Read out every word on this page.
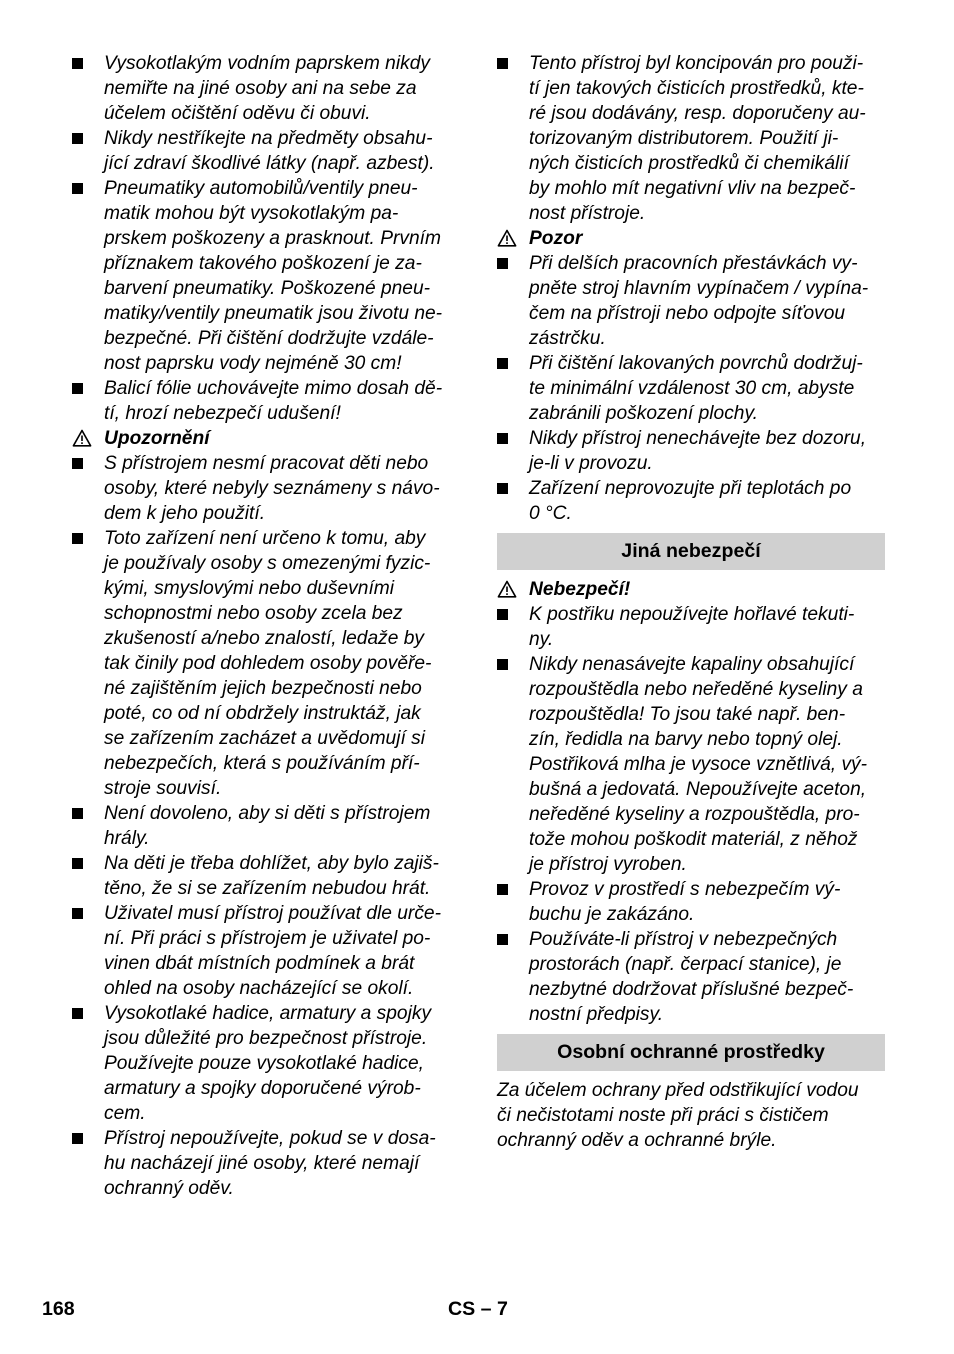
Vysokotlakým vodním paprskem nikdy
nemiřte na jiné osoby ani na sebe za
účelem očištění oděvu či obuvi.
Nikdy nestříkejte na předměty obsahu-
jící zdraví škodlivé látky (např. azbest).
Pneumatiky automobilů/ventily pneu-
matik mohou být vysokotlakým pa-
prskem poškozeny a prasknout. Prvním
příznakem takového poškození je za-
barvení pneumatiky. Poškozené pneu-
matiky/ventily pneumatik jsou životu ne-
bezpečné. Při čištění dodržujte vzdále-
nost paprsku vody nejméně 30 cm!
Balicí fólie uchovávejte mimo dosah dě-
tí, hrozí nebezpečí udušení!
Upozornění
S přístrojem nesmí pracovat děti nebo
osoby, které nebyly seznámeny s návo-
dem k jeho použití.
Toto zařízení není určeno k tomu, aby
je používaly osoby s omezenými fyzic-
kými, smyslovými nebo duševními
schopnostmi nebo osoby zcela bez
zkušeností a/nebo znalostí, ledaže by
tak činily pod dohledem osoby pověře-
né zajištěním jejich bezpečnosti nebo
poté, co od ní obdržely instruktáž, jak
se zařízením zacházet a uvědomují si
nebezpečích, která s používáním pří-
stroje souvisí.
Není dovoleno, aby si děti s přístrojem
hrály.
Na děti je třeba dohlížet, aby bylo zajiš-
těno, že si se zařízením nebudou hrát.
Uživatel musí přístroj používat dle urče-
ní. Při práci s přístrojem je uživatel po-
vinen dbát místních podmínek a brát
ohled na osoby nacházející se okolí.
Vysokotlaké hadice, armatury a spojky
jsou důležité pro bezpečnost přístroje.
Používejte pouze vysokotlaké hadice,
armatury a spojky doporučené výrob-
cem.
Přístroj nepoužívejte, pokud se v dosa-
hu nacházejí jiné osoby, které nemají
ochranný oděv.
Tento přístroj byl koncipován pro použi-
tí jen takových čisticích prostředků, kte-
ré jsou dodávány, resp. doporučeny au-
torizovaným distributorem. Použití ji-
ných čisticích prostředků či chemikálií
by mohlo mít negativní vliv na bezpeč-
nost přístroje.
Pozor
Při delších pracovních přestávkách vy-
pněte stroj hlavním vypínačem / vypína-
čem na přístroji nebo odpojte síťovou
zástrčku.
Při čištění lakovaných povrchů dodržuj-
te minimální vzdálenost 30 cm, abyste
zabránili poškození plochy.
Nikdy přístroj nenechávejte bez dozoru,
je-li v provozu.
Zařízení neprovozujte při teplotách po
0 °C.
Jiná nebezpečí
Nebezpečí!
K postřiku nepoužívejte hořlavé tekuti-
ny.
Nikdy nenasávejte kapaliny obsahující
rozpouštědla nebo neředěné kyseliny a
rozpouštědla! To jsou také např. ben-
zín, ředidla na barvy nebo topný olej.
Postřiková mlha je vysoce vznětlivá, vý-
bušná a jedovatá. Nepoužívejte aceton,
neředěné kyseliny a rozpouštědla, pro-
tože mohou poškodit materiál, z něhož
je přístroj vyroben.
Provoz v prostředí s nebezpečím vý-
buchu je zakázáno.
Používáte-li přístroj v nebezpečných
prostorách (např. čerpací stanice), je
nezbytné dodržovat příslušné bezpeč-
nostní předpisy.
Osobní ochranné prostředky
Za účelem ochrany před odstřikující vodou
či nečistotami noste při práci s čističem
ochranný oděv a ochranné brýle.
168	CS – 7
